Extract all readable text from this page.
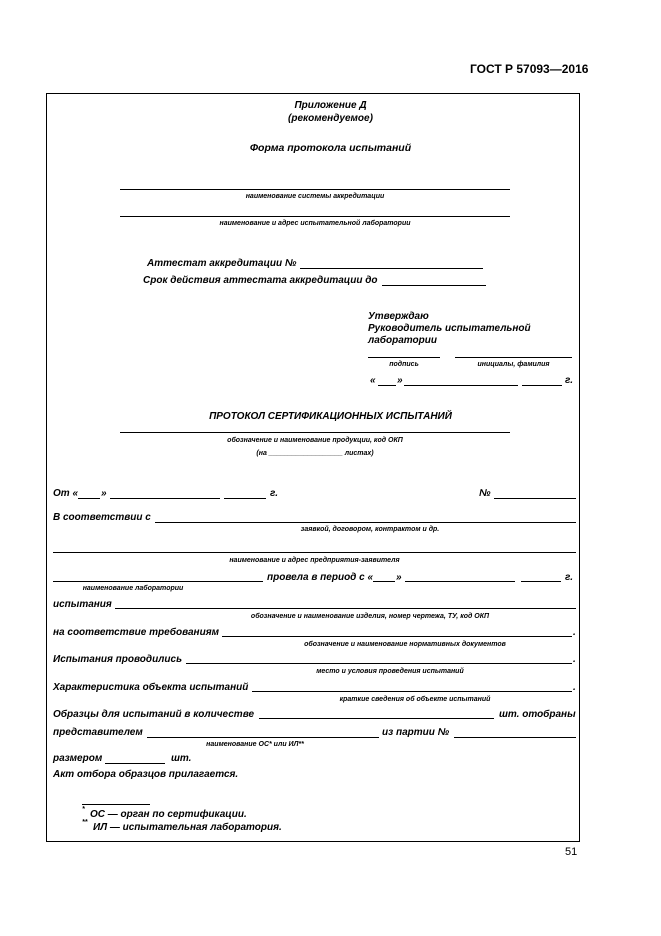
ГОСТ Р 57093—2016
Приложение Д
(рекомендуемое)
Форма протокола испытаний
наименование системы аккредитации
наименование и адрес испытательной лаборатории
Аттестат аккредитации №
Срок действия аттестата аккредитации до
Утверждаю
Руководитель испытательной
лаборатории
подпись	инициалы, фамилия
« »	г.
ПРОТОКОЛ СЕРТИФИКАЦИОННЫХ ИСПЫТАНИЙ
обозначение и наименование продукции, код ОКП
(на ___________________ листах)
От « »	г.	№
В соответствии с
заявкой, договором, контрактом и др.
наименование и адрес предприятия-заявителя
провела в период с « »	г.
наименование лаборатории
испытания
обозначение и наименование изделия, номер чертежа, ТУ, код ОКП
на соответствие требованиям	.
обозначение и наименование нормативных документов
Испытания проводились	.
место и условия проведения испытаний
Характеристика объекта испытаний	.
краткие сведения об объекте испытаний
Образцы для испытаний в количестве	шт. отобраны
представителем	из партии №
наименование ОС* или ИЛ**
размером	шт.
Акт отбора образцов прилагается.
* ОС — орган по сертификации.
** ИЛ — испытательная лаборатория.
51
